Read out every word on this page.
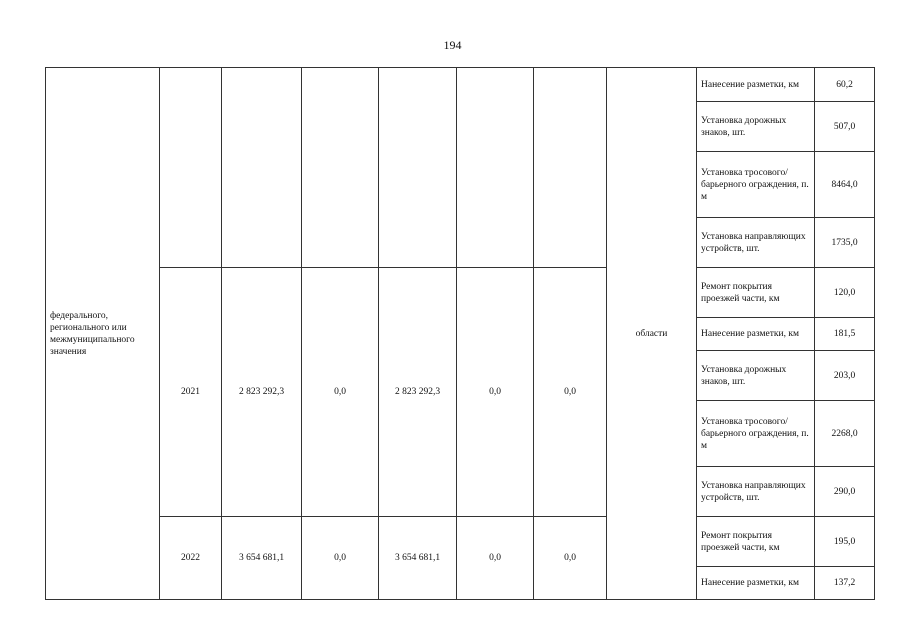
194
федерального, регионального или межмуниципального значения							области	Нанесение разметки, км	60,2
								Установка дорожных знаков, шт.	507,0
								Установка тросового/барьерного ограждения, п. м	8464,0
								Установка направляющих устройств, шт.	1735,0
	2021	2 823 292,3	0,0	2 823 292,3	0,0	0,0		Ремонт покрытия проезжей части, км	120,0
								Нанесение разметки, км	181,5
								Установка дорожных знаков, шт.	203,0
								Установка тросового/барьерного ограждения, п. м	2268,0
								Установка направляющих устройств, шт.	290,0
	2022	3 654 681,1	0,0	3 654 681,1	0,0	0,0		Ремонт покрытия проезжей части, км	195,0
								Нанесение разметки, км	137,2
